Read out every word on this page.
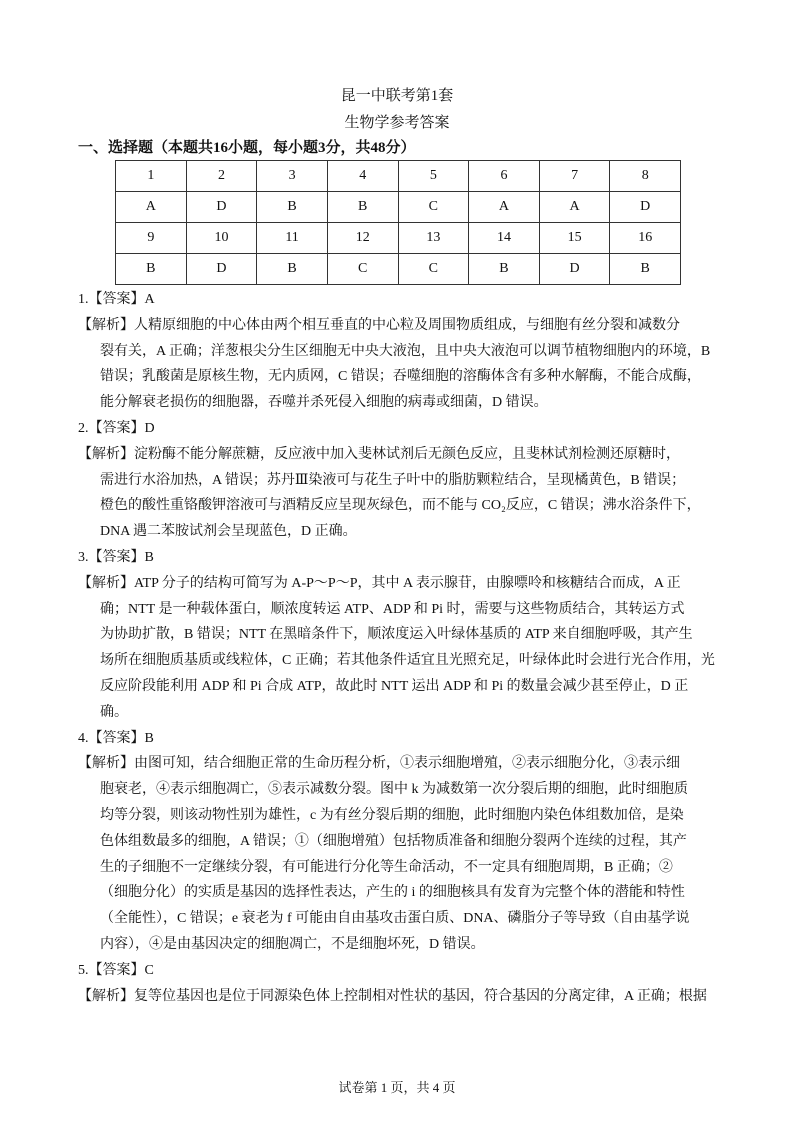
昆一中联考第1套
生物学参考答案
一、选择题（本题共16小题，每小题3分，共48分）
1	2	3	4	5	6	7	8
A	D	B	B	C	A	A	D
9	10	11	12	13	14	15	16
B	D	B	C	C	B	D	B
1.【答案】A
【解析】人精原细胞的中心体由两个相互垂直的中心粒及周围物质组成，与细胞有丝分裂和减数分
裂有关，A 正确；洋葱根尖分生区细胞无中央大液泡，且中央大液泡可以调节植物细胞内的环境，B
错误；乳酸菌是原核生物，无内质网，C 错误；吞噬细胞的溶酶体含有多种水解酶，不能合成酶，
能分解衰老损伤的细胞器，吞噬并杀死侵入细胞的病毒或细菌，D 错误。
2.【答案】D
【解析】淀粉酶不能分解蔗糖，反应液中加入斐林试剂后无颜色反应，且斐林试剂检测还原糖时，
需进行水浴加热，A 错误；苏丹Ⅲ染液可与花生子叶中的脂肪颗粒结合，呈现橘黄色，B 错误；
橙色的酸性重铬酸钾溶液可与酒精反应呈现灰绿色，而不能与 CO₂反应，C 错误；沸水浴条件下，
DNA 遇二苯胺试剂会呈现蓝色，D 正确。
3.【答案】B
【解析】ATP 分子的结构可简写为 A-P～P～P，其中 A 表示腺苷，由腺嘌呤和核糖结合而成，A 正
确；NTT 是一种载体蛋白，顺浓度转运 ATP、ADP 和 Pi 时，需要与这些物质结合，其转运方式
为协助扩散，B 错误；NTT 在黑暗条件下，顺浓度运入叶绿体基质的 ATP 来自细胞呼吸，其产生
场所在细胞质基质或线粒体，C 正确；若其他条件适宜且光照充足，叶绿体此时会进行光合作用，光
反应阶段能利用 ADP 和 Pi 合成 ATP，故此时 NTT 运出 ADP 和 Pi 的数量会减少甚至停止，D 正
确。
4.【答案】B
【解析】由图可知，结合细胞正常的生命历程分析，①表示细胞增殖，②表示细胞分化，③表示细
胞衰老，④表示细胞凋亡，⑤表示减数分裂。图中 k 为减数第一次分裂后期的细胞，此时细胞质
均等分裂，则该动物性别为雄性，c 为有丝分裂后期的细胞，此时细胞内染色体组数加倍，是染
色体组数最多的细胞，A 错误；①（细胞增殖）包括物质准备和细胞分裂两个连续的过程，其产
生的子细胞不一定继续分裂，有可能进行分化等生命活动，不一定具有细胞周期，B 正确；②
（细胞分化）的实质是基因的选择性表达，产生的 i 的细胞核具有发育为完整个体的潜能和特性
（全能性），C 错误；e 衰老为 f 可能由自由基攻击蛋白质、DNA、磷脂分子等导致（自由基学说
内容），④是由基因决定的细胞凋亡，不是细胞坏死，D 错误。
5.【答案】C
【解析】复等位基因也是位于同源染色体上控制相对性状的基因，符合基因的分离定律，A 正确；根据
试卷第 1 页，共 4 页
